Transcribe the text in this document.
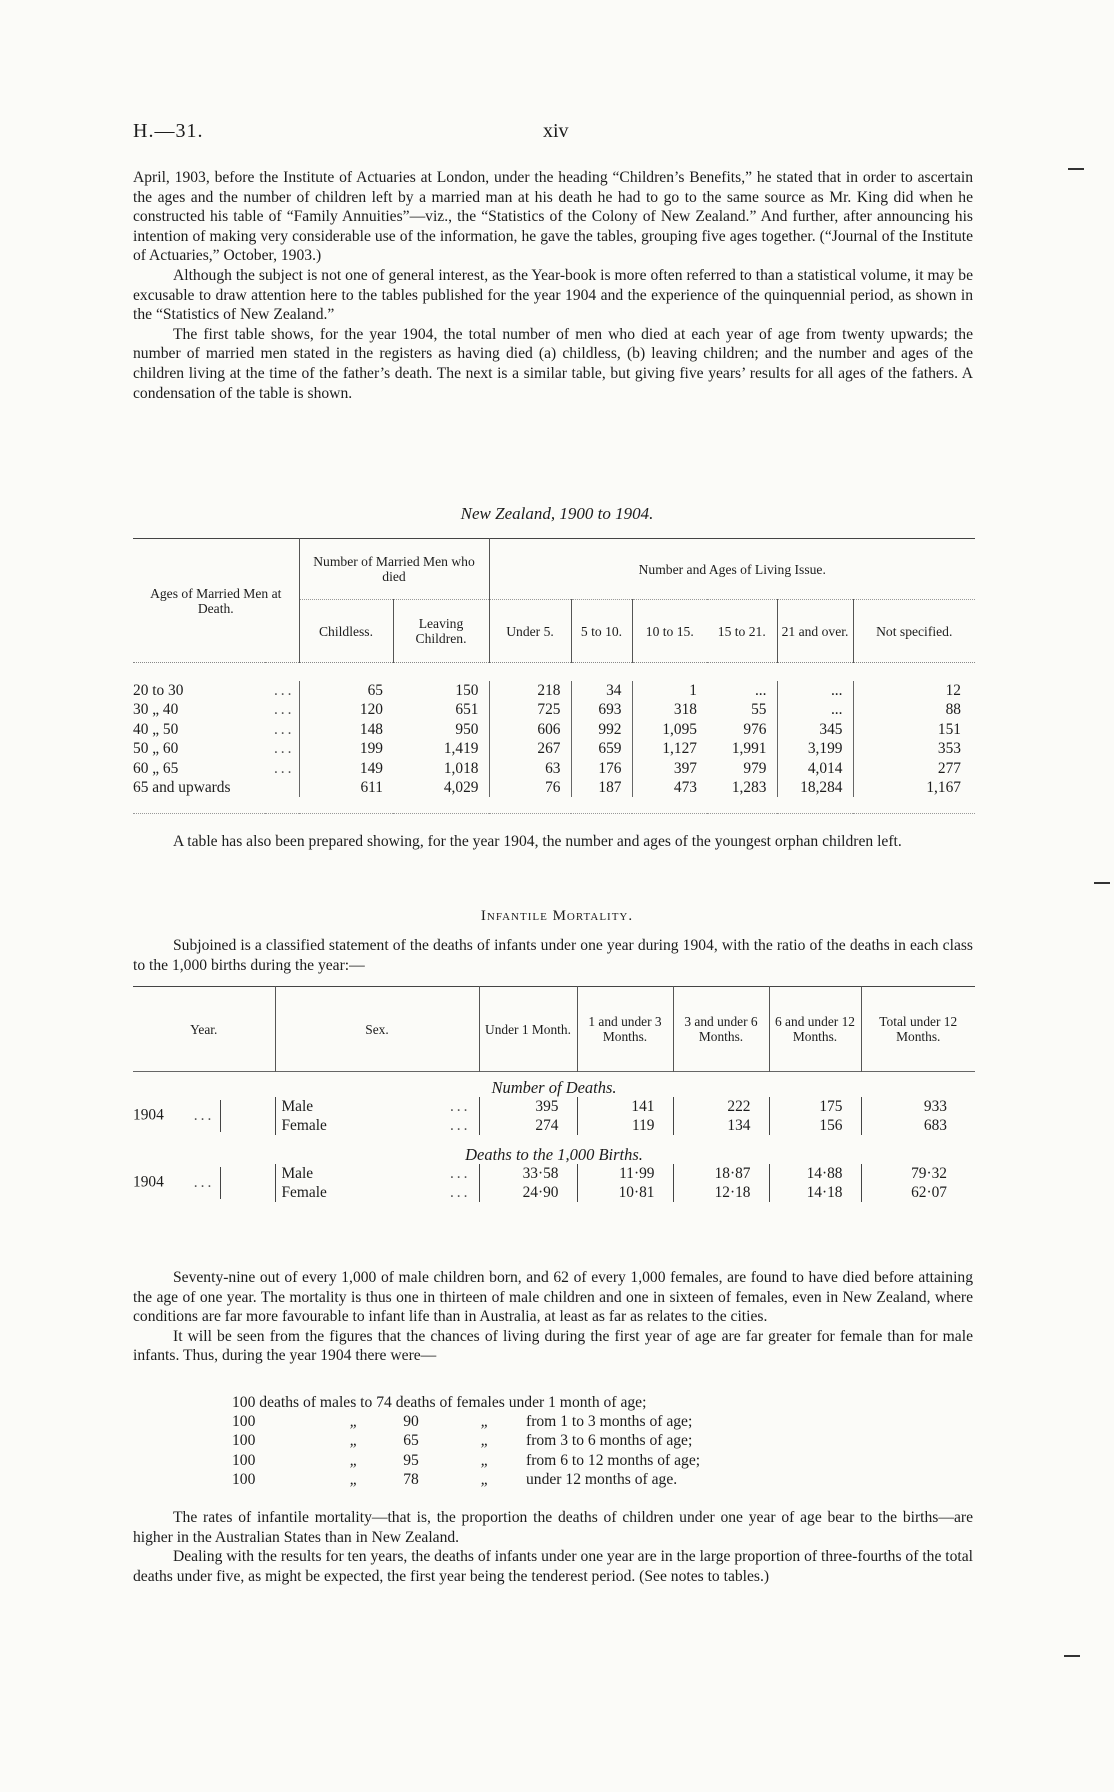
H.—31.	xiv

April, 1903, before the Institute of Actuaries at London, under the heading “Children’s Benefits,” he stated that in order to ascertain the ages and the number of children left by a married man at his death he had to go to the same source as Mr. King did when he constructed his table of “Family Annuities”—viz., the “Statistics of the Colony of New Zealand.” And further, after announcing his intention of making very considerable use of the information, he gave the tables, grouping five ages together. (“Journal of the Institute of Actuaries,” October, 1903.)

Although the subject is not one of general interest, as the Year-book is more often referred to than a statistical volume, it may be excusable to draw attention here to the tables published for the year 1904 and the experience of the quinquennial period, as shown in the “Statistics of New Zealand.”

The first table shows, for the year 1904, the total number of men who died at each year of age from twenty upwards; the number of married men stated in the registers as having died (a) childless, (b) leaving children; and the number and ages of the children living at the time of the father’s death. The next is a similar table, but giving five years’ results for all ages of the fathers. A condensation of the table is shown.

New Zealand, 1900 to 1904.
Ages of Married Men at Death.		Number of Married Men who died		Number and Ages of Living Issue.					
		Childless.	Leaving Children.	Under 5.	5 to 10.	10 to 15.	15 to 21.	21 and over.	Not specified.

20 to 30	...	65	150	218	34	1	...	...	12
30 „ 40	...	120	651	725	693	318	55	...	88
40 „ 50	...	148	950	606	992	1,095	976	345	151
50 „ 60	...	199	1,419	267	659	1,127	1,991	3,199	353
60 „ 65	...	149	1,018	63	176	397	979	4,014	277
65 and upwards		611	4,029	76	187	473	1,283	18,284	1,167

A table has also been prepared showing, for the year 1904, the number and ages of the youngest orphan children left.

Infantile Mortality.

Subjoined is a classified statement of the deaths of infants under one year during 1904, with the ratio of the deaths in each class to the 1,000 births during the year:—

Year.	Sex.		Under 1 Month.	1 and under 3 Months.	3 and under 6 Months.	6 and under 12 Months.	Total under 12 Months.
Number of Deaths.							
1904 ...	Male	...	395	141	222	175	933
	Female	...	274	119	134	156	683
Deaths to the 1,000 Births.							
1904 ...	Male	...	33·58	11·99	18·87	14·88	79·32
	Female	...	24·90	10·81	12·18	14·18	62·07

Seventy-nine out of every 1,000 of male children born, and 62 of every 1,000 females, are found to have died before attaining the age of one year. The mortality is thus one in thirteen of male children and one in sixteen of females, even in New Zealand, where conditions are far more favourable to infant life than in Australia, at least as far as relates to the cities.

It will be seen from the figures that the chances of living during the first year of age are far greater for female than for male infants. Thus, during the year 1904 there were—

100 deaths of males to 74 deaths of females under 1 month of age;				
100	„	90	„	from 1 to 3 months of age;
100	„	65	„	from 3 to 6 months of age;
100	„	95	„	from 6 to 12 months of age;
100	„	78	„	under 12 months of age.

The rates of infantile mortality—that is, the proportion the deaths of children under one year of age bear to the births—are higher in the Australian States than in New Zealand.

Dealing with the results for ten years, the deaths of infants under one year are in the large proportion of three-fourths of the total deaths under five, as might be expected, the first year being the tenderest period. (See notes to tables.)
